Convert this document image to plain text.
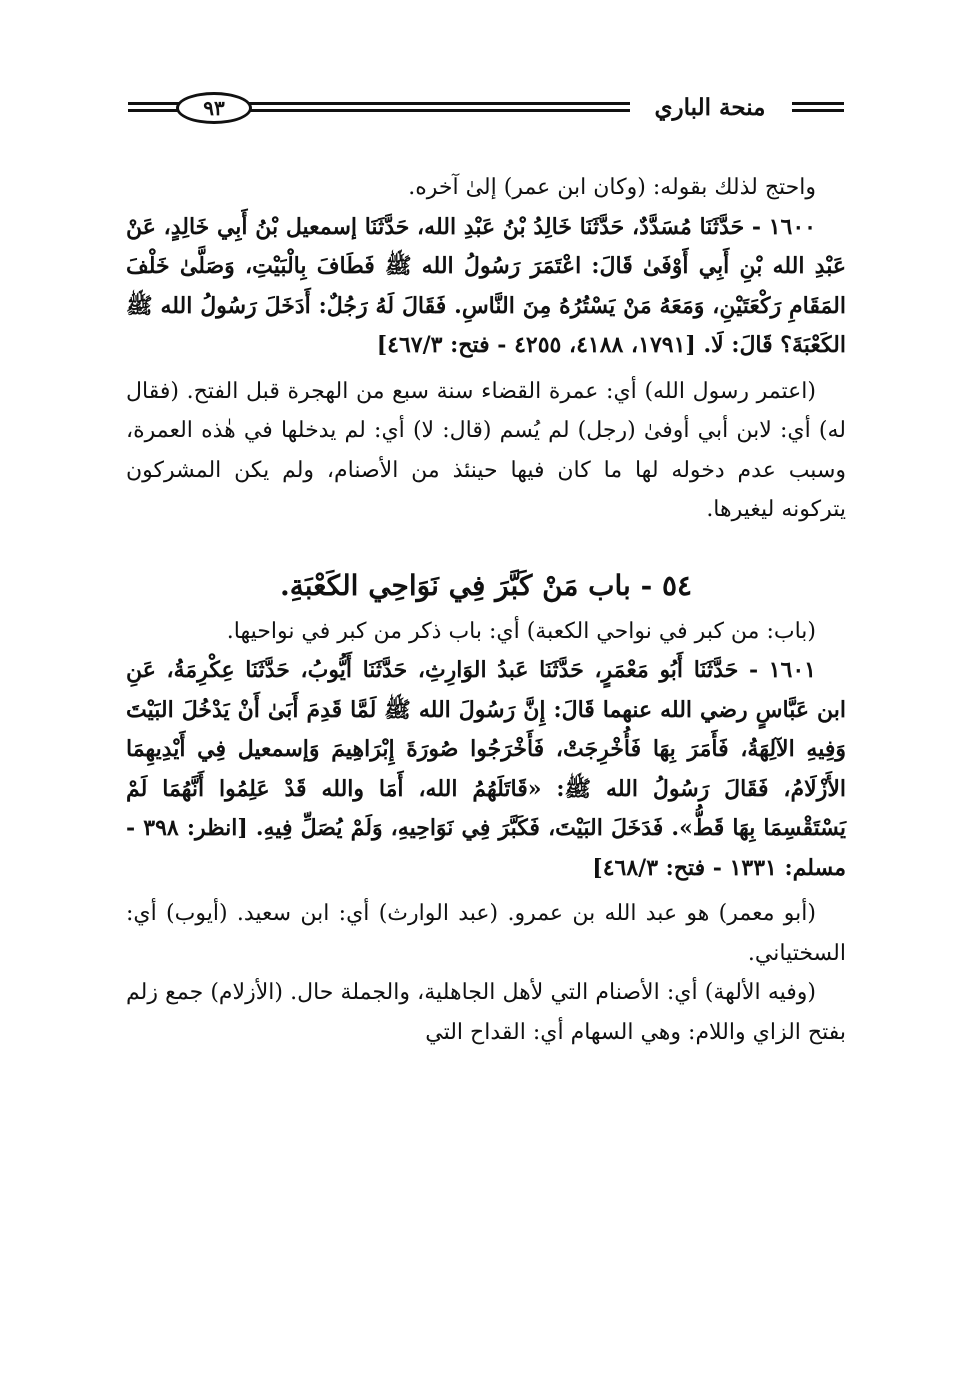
٩٣	منحة الباري

واحتج لذلك بقوله: (وكان ابن عمر) إلىٰ آخره.

١٦٠٠ - حَدَّثَنَا مُسَدَّدٌ، حَدَّثَنَا خَالِدُ بْنُ عَبْدِ الله، حَدَّثَنَا إسمعيل بْنُ أَبِي خَالِدٍ، عَنْ عَبْدِ الله بْنِ أَبِي أَوْفَىٰ قَالَ: اعْتَمَرَ رَسُولُ الله ﷺ فَطَافَ بِالْبَيْتِ، وَصَلَّىٰ خَلْفَ المَقَامِ رَكْعَتَيْنِ، وَمَعَهُ مَنْ يَسْتُرُهُ مِنَ النَّاسِ. فَقَالَ لَهُ رَجُلٌ: أَدَخَلَ رَسُولُ الله ﷺ الكَعْبَةَ؟ قَالَ: لَا. [١٧٩١، ٤١٨٨، ٤٢٥٥ - فتح: ٤٦٧/٣]

(اعتمر رسول الله) أي: عمرة القضاء سنة سبع من الهجرة قبل الفتح. (فقال له) أي: لابن أبي أوفىٰ (رجل) لم يُسم (قال: لا) أي: لم يدخلها في هٰذه العمرة، وسبب عدم دخوله لها ما كان فيها حينئذ من الأصنام، ولم يكن المشركون يتركونه ليغيرها.

٥٤ - باب مَنْ كَبَّرَ فِي نَوَاحِي الكَعْبَةِ.

(باب: من كبر في نواحي الكعبة) أي: باب ذكر من كبر في نواحيها.

١٦٠١ - حَدَّثَنَا أَبُو مَعْمَرٍ، حَدَّثَنَا عَبدُ الوَارِثِ، حَدَّثَنَا أَيُّوبُ، حَدَّثَنَا عِكْرِمَةُ، عَنِ ابن عَبَّاسٍ رضي الله عنهما قَالَ: إِنَّ رَسُولَ الله ﷺ لَمَّا قَدِمَ أَبَىٰ أَنْ يَدْخُلَ البَيْتَ وَفِيهِ الآلِهَةُ، فَأَمَرَ بِهَا فَأُخْرِجَتْ، فَأَخْرَجُوا صُورَةَ إِبْرَاهِيمَ وَإسمعيل فِي أَيْدِيهِمَا الأَزْلَامُ، فَقَالَ رَسُولُ الله ﷺ: «قَاتَلَهُمُ الله، أَمَا والله قَدْ عَلِمُوا أَنَّهُمَا لَمْ يَسْتَقْسِمَا بِهَا قَطُّ». فَدَخَلَ البَيْتَ، فَكَبَّرَ فِي نَوَاحِيهِ، وَلَمْ يُصَلِّ فِيهِ. [انظر: ٣٩٨ - مسلم: ١٣٣١ - فتح: ٤٦٨/٣]

(أبو معمر) هو عبد الله بن عمرو. (عبد الوارث) أي: ابن سعيد. (أيوب) أي: السختياني.

(وفيه الألهة) أي: الأصنام التي لأهل الجاهلية، والجملة حال. (الأزلام) جمع زلم بفتح الزاي واللام: وهي السهام أي: القداح التي
